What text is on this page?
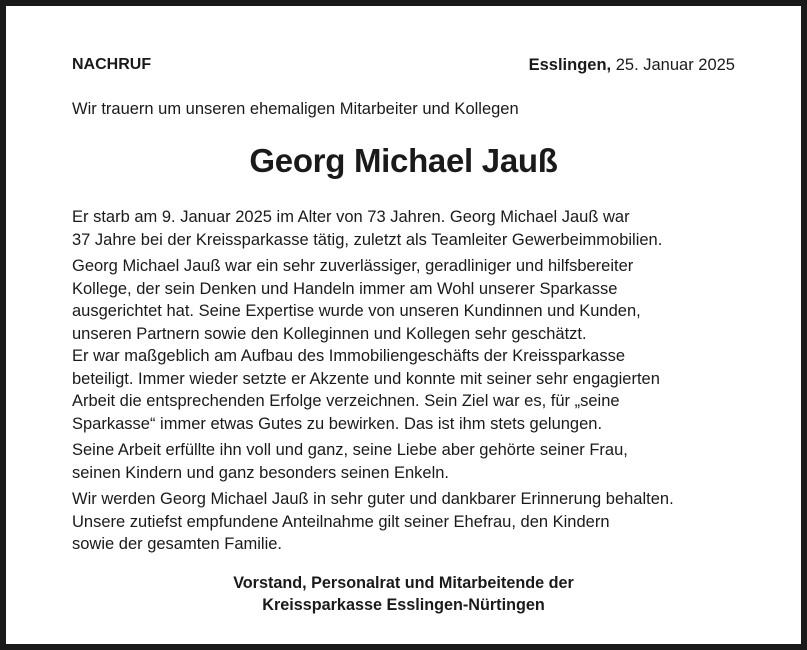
NACHRUF	Esslingen, 25. Januar 2025
Wir trauern um unseren ehemaligen Mitarbeiter und Kollegen
Georg Michael Jauß
Er starb am 9. Januar 2025 im Alter von 73 Jahren. Georg Michael Jauß war
37 Jahre bei der Kreissparkasse tätig, zuletzt als Teamleiter Gewerbeimmobilien.
Georg Michael Jauß war ein sehr zuverlässiger, geradliniger und hilfsbereiter
Kollege, der sein Denken und Handeln immer am Wohl unserer Sparkasse
ausgerichtet hat. Seine Expertise wurde von unseren Kundinnen und Kunden,
unseren Partnern sowie den Kolleginnen und Kollegen sehr geschätzt.
Er war maßgeblich am Aufbau des Immobiliengeschäfts der Kreissparkasse
beteiligt. Immer wieder setzte er Akzente und konnte mit seiner sehr engagierten
Arbeit die entsprechenden Erfolge verzeichnen. Sein Ziel war es, für „seine
Sparkasse“ immer etwas Gutes zu bewirken. Das ist ihm stets gelungen.
Seine Arbeit erfüllte ihn voll und ganz, seine Liebe aber gehörte seiner Frau,
seinen Kindern und ganz besonders seinen Enkeln.
Wir werden Georg Michael Jauß in sehr guter und dankbarer Erinnerung behalten.
Unsere zutiefst empfundene Anteilnahme gilt seiner Ehefrau, den Kindern
sowie der gesamten Familie.
Vorstand, Personalrat und Mitarbeitende der
Kreissparkasse Esslingen-Nürtingen
